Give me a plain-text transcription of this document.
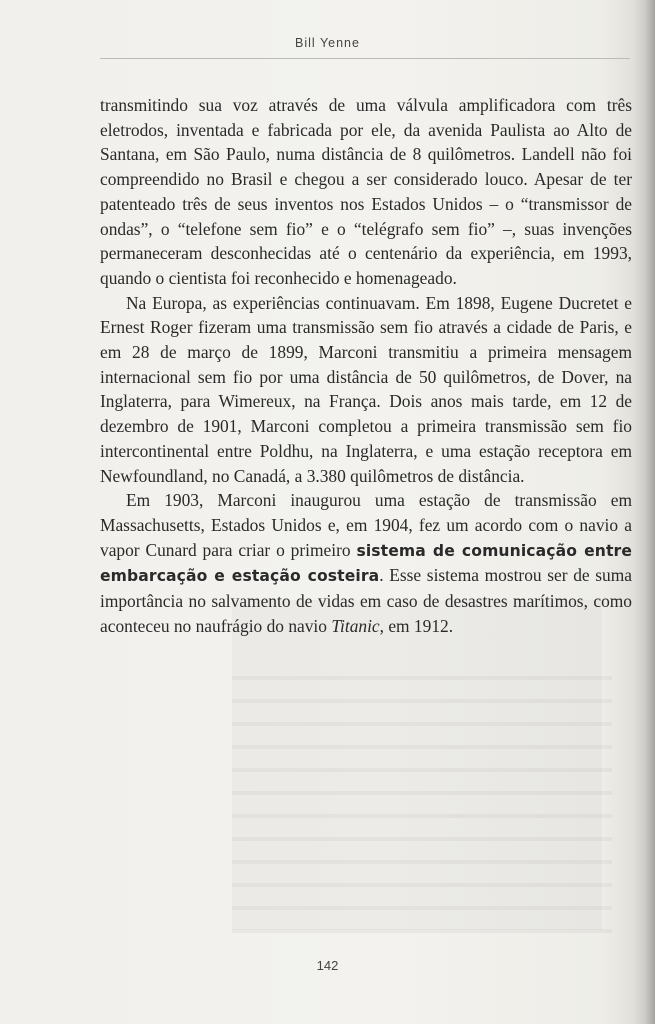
Bill Yenne

transmitindo sua voz através de uma válvula amplificadora com três eletrodos, inventada e fabricada por ele, da avenida Paulista ao Alto de Santana, em São Paulo, numa distância de 8 quilômetros. Landell não foi compreendido no Brasil e chegou a ser considerado louco. Apesar de ter patenteado três de seus inventos nos Estados Unidos – o “transmissor de ondas”, o “telefone sem fio” e o “telégrafo sem fio” –, suas invenções permaneceram desconhecidas até o centenário da experiência, em 1993, quando o cientista foi reconhecido e homenageado.

Na Europa, as experiências continuavam. Em 1898, Eugene Ducretet e Ernest Roger fizeram uma transmissão sem fio através a cidade de Paris, e em 28 de março de 1899, Marconi transmitiu a primeira mensagem internacional sem fio por uma distância de 50 quilômetros, de Dover, na Inglaterra, para Wimereux, na França. Dois anos mais tarde, em 12 de dezembro de 1901, Marconi completou a primeira transmissão sem fio intercontinental entre Poldhu, na Inglaterra, e uma estação receptora em Newfoundland, no Canadá, a 3.380 quilômetros de distância.

Em 1903, Marconi inaugurou uma estação de transmissão em Massachusetts, Estados Unidos e, em 1904, fez um acordo com o navio a vapor Cunard para criar o primeiro sistema de comunicação entre embarcação e estação costeira. Esse sistema mostrou ser de suma importância no salvamento de vidas em caso de desastres marítimos, como aconteceu no naufrágio do navio Titanic, em 1912.

142
